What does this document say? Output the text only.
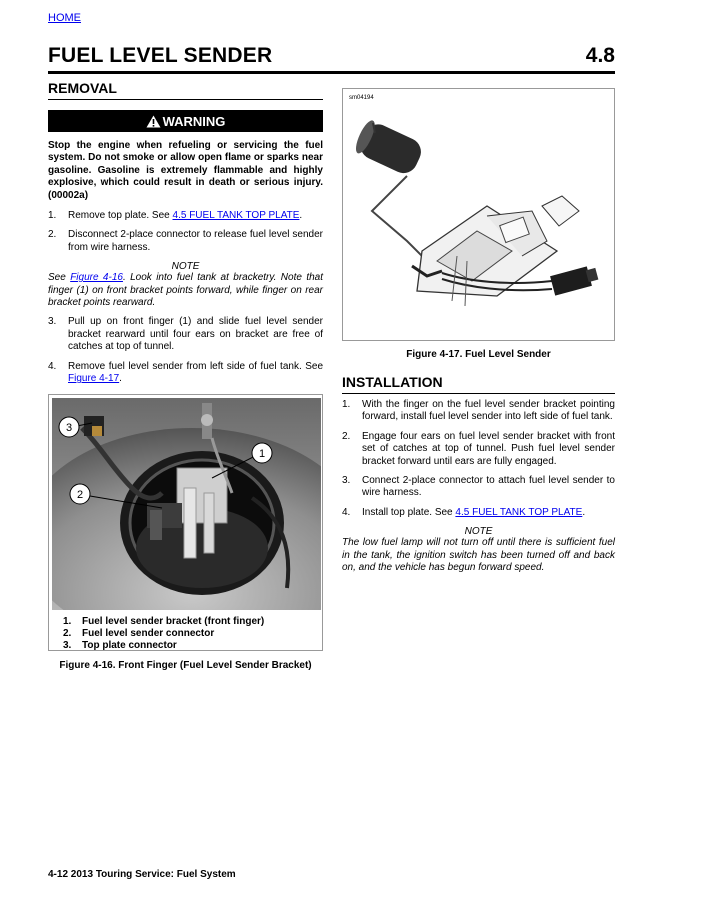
HOME
FUEL LEVEL SENDER	4.8
REMOVAL
WARNING
Stop the engine when refueling or servicing the fuel system. Do not smoke or allow open flame or sparks near gasoline. Gasoline is extremely flammable and highly explosive, which could result in death or serious injury. (00002a)
1.	Remove top plate. See 4.5 FUEL TANK TOP PLATE.
2.	Disconnect 2-place connector to release fuel level sender from wire harness.
NOTE
See Figure 4-16. Look into fuel tank at bracketry. Note that finger (1) on front bracket points forward, while finger on rear bracket points rearward.
3.	Pull up on front finger (1) and slide fuel level sender bracket rearward until four ears on bracket are free of catches at top of tunnel.
4.	Remove fuel level sender from left side of fuel tank. See Figure 4-17.
1
2
3
1.	Fuel level sender bracket (front finger)
2.	Fuel level sender connector
3.	Top plate connector
Figure 4-16. Front Finger (Fuel Level Sender Bracket)
sm04194
Figure 4-17. Fuel Level Sender
INSTALLATION
1.	With the finger on the fuel level sender bracket pointing forward, install fuel level sender into left side of fuel tank.
2.	Engage four ears on fuel level sender bracket with front set of catches at top of tunnel. Push fuel level sender bracket forward until ears are fully engaged.
3.	Connect 2-place connector to attach fuel level sender to wire harness.
4.	Install top plate. See 4.5 FUEL TANK TOP PLATE.
NOTE
The low fuel lamp will not turn off until there is sufficient fuel in the tank, the ignition switch has been turned off and back on, and the vehicle has begun forward speed.
4-12 2013 Touring Service: Fuel System
